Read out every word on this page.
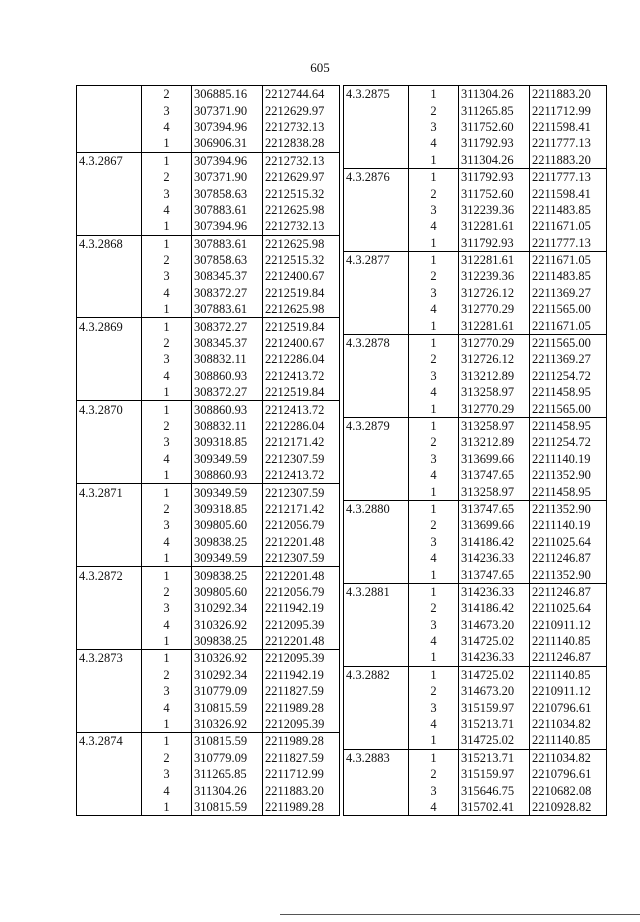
605
	2	306885.16	2212744.64
	3	307371.90	2212629.97
	4	307394.96	2212732.13
	1	306906.31	2212838.28
4.3.2867	1	307394.96	2212732.13
	2	307371.90	2212629.97
	3	307858.63	2212515.32
	4	307883.61	2212625.98
	1	307394.96	2212732.13
4.3.2868	1	307883.61	2212625.98
	2	307858.63	2212515.32
	3	308345.37	2212400.67
	4	308372.27	2212519.84
	1	307883.61	2212625.98
4.3.2869	1	308372.27	2212519.84
	2	308345.37	2212400.67
	3	308832.11	2212286.04
	4	308860.93	2212413.72
	1	308372.27	2212519.84
4.3.2870	1	308860.93	2212413.72
	2	308832.11	2212286.04
	3	309318.85	2212171.42
	4	309349.59	2212307.59
	1	308860.93	2212413.72
4.3.2871	1	309349.59	2212307.59
	2	309318.85	2212171.42
	3	309805.60	2212056.79
	4	309838.25	2212201.48
	1	309349.59	2212307.59
4.3.2872	1	309838.25	2212201.48
	2	309805.60	2212056.79
	3	310292.34	2211942.19
	4	310326.92	2212095.39
	1	309838.25	2212201.48
4.3.2873	1	310326.92	2212095.39
	2	310292.34	2211942.19
	3	310779.09	2211827.59
	4	310815.59	2211989.28
	1	310326.92	2212095.39
4.3.2874	1	310815.59	2211989.28
	2	310779.09	2211827.59
	3	311265.85	2211712.99
	4	311304.26	2211883.20
	1	310815.59	2211989.28
4.3.2875	1	311304.26	2211883.20
	2	311265.85	2211712.99
	3	311752.60	2211598.41
	4	311792.93	2211777.13
	1	311304.26	2211883.20
4.3.2876	1	311792.93	2211777.13
	2	311752.60	2211598.41
	3	312239.36	2211483.85
	4	312281.61	2211671.05
	1	311792.93	2211777.13
4.3.2877	1	312281.61	2211671.05
	2	312239.36	2211483.85
	3	312726.12	2211369.27
	4	312770.29	2211565.00
	1	312281.61	2211671.05
4.3.2878	1	312770.29	2211565.00
	2	312726.12	2211369.27
	3	313212.89	2211254.72
	4	313258.97	2211458.95
	1	312770.29	2211565.00
4.3.2879	1	313258.97	2211458.95
	2	313212.89	2211254.72
	3	313699.66	2211140.19
	4	313747.65	2211352.90
	1	313258.97	2211458.95
4.3.2880	1	313747.65	2211352.90
	2	313699.66	2211140.19
	3	314186.42	2211025.64
	4	314236.33	2211246.87
	1	313747.65	2211352.90
4.3.2881	1	314236.33	2211246.87
	2	314186.42	2211025.64
	3	314673.20	2210911.12
	4	314725.02	2211140.85
	1	314236.33	2211246.87
4.3.2882	1	314725.02	2211140.85
	2	314673.20	2210911.12
	3	315159.97	2210796.61
	4	315213.71	2211034.82
	1	314725.02	2211140.85
4.3.2883	1	315213.71	2211034.82
	2	315159.97	2210796.61
	3	315646.75	2210682.08
	4	315702.41	2210928.82
